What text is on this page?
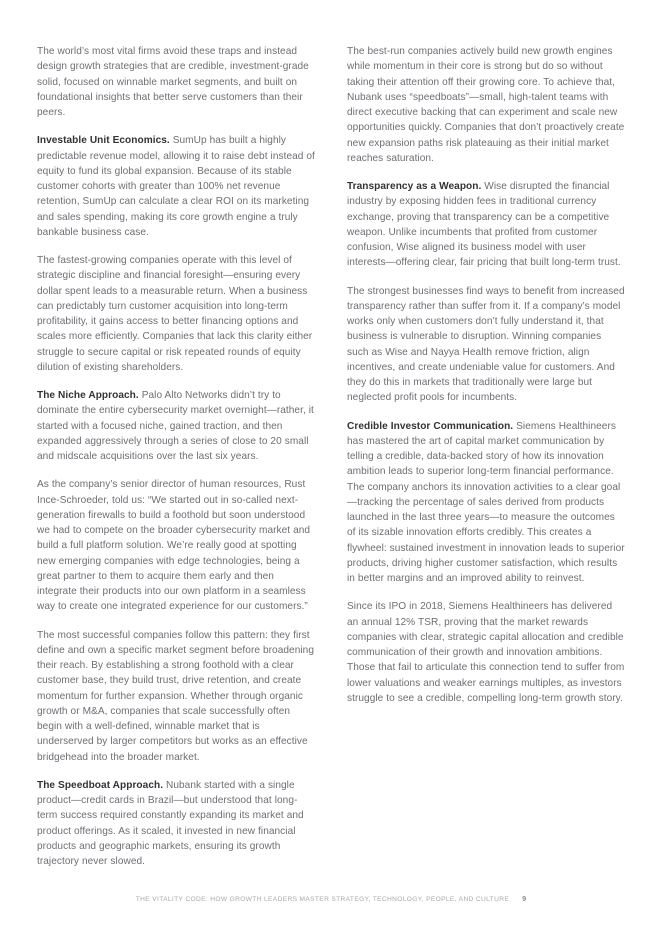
The world’s most vital firms avoid these traps and instead design growth strategies that are credible, investment-grade solid, focused on winnable market segments, and built on foundational insights that better serve customers than their peers.

Investable Unit Economics. SumUp has built a highly predictable revenue model, allowing it to raise debt instead of equity to fund its global expansion. Because of its stable customer cohorts with greater than 100% net revenue retention, SumUp can calculate a clear ROI on its marketing and sales spending, making its core growth engine a truly bankable business case.

The fastest-growing companies operate with this level of strategic discipline and financial foresight—ensuring every dollar spent leads to a measurable return. When a business can predictably turn customer acquisition into long-term profitability, it gains access to better financing options and scales more efficiently. Companies that lack this clarity either struggle to secure capital or risk repeated rounds of equity dilution of existing shareholders.

The Niche Approach. Palo Alto Networks didn’t try to dominate the entire cybersecurity market overnight—rather, it started with a focused niche, gained traction, and then expanded aggressively through a series of close to 20 small and midscale acquisitions over the last six years.

As the company’s senior director of human resources, Rust Ince-Schroeder, told us: “We started out in so-called next-generation firewalls to build a foothold but soon understood we had to compete on the broader cybersecurity market and build a full platform solution. We’re really good at spotting new emerging companies with edge technologies, being a great partner to them to acquire them early and then integrate their products into our own platform in a seamless way to create one integrated experience for our customers.”

The most successful companies follow this pattern: they first define and own a specific market segment before broadening their reach. By establishing a strong foothold with a clear customer base, they build trust, drive retention, and create momentum for further expansion. Whether through organic growth or M&A, companies that scale successfully often begin with a well-defined, winnable market that is underserved by larger competitors but works as an effective bridgehead into the broader market.

The Speedboat Approach. Nubank started with a single product—credit cards in Brazil—but understood that long-term success required constantly expanding its market and product offerings. As it scaled, it invested in new financial products and geographic markets, ensuring its growth trajectory never slowed.

The best-run companies actively build new growth engines while momentum in their core is strong but do so without taking their attention off their growing core. To achieve that, Nubank uses “speedboats”—small, high-talent teams with direct executive backing that can experiment and scale new opportunities quickly. Companies that don’t proactively create new expansion paths risk plateauing as their initial market reaches saturation.

Transparency as a Weapon. Wise disrupted the financial industry by exposing hidden fees in traditional currency exchange, proving that transparency can be a competitive weapon. Unlike incumbents that profited from customer confusion, Wise aligned its business model with user interests—offering clear, fair pricing that built long-term trust.

The strongest businesses find ways to benefit from increased transparency rather than suffer from it. If a company’s model works only when customers don’t fully understand it, that business is vulnerable to disruption. Winning companies such as Wise and Nayya Health remove friction, align incentives, and create undeniable value for customers. And they do this in markets that traditionally were large but neglected profit pools for incumbents.

Credible Investor Communication. Siemens Healthineers has mastered the art of capital market communication by telling a credible, data-backed story of how its innovation ambition leads to superior long-term financial performance. The company anchors its innovation activities to a clear goal—tracking the percentage of sales derived from products launched in the last three years—to measure the outcomes of its sizable innovation efforts credibly. This creates a flywheel: sustained investment in innovation leads to superior products, driving higher customer satisfaction, which results in better margins and an improved ability to reinvest.

Since its IPO in 2018, Siemens Healthineers has delivered an annual 12% TSR, proving that the market rewards companies with clear, strategic capital allocation and credible communication of their growth and innovation ambitions. Those that fail to articulate this connection tend to suffer from lower valuations and weaker earnings multiples, as investors struggle to see a credible, compelling long-term growth story.

THE VITALITY CODE: HOW GROWTH LEADERS MASTER STRATEGY, TECHNOLOGY, PEOPLE, AND CULTURE 9
